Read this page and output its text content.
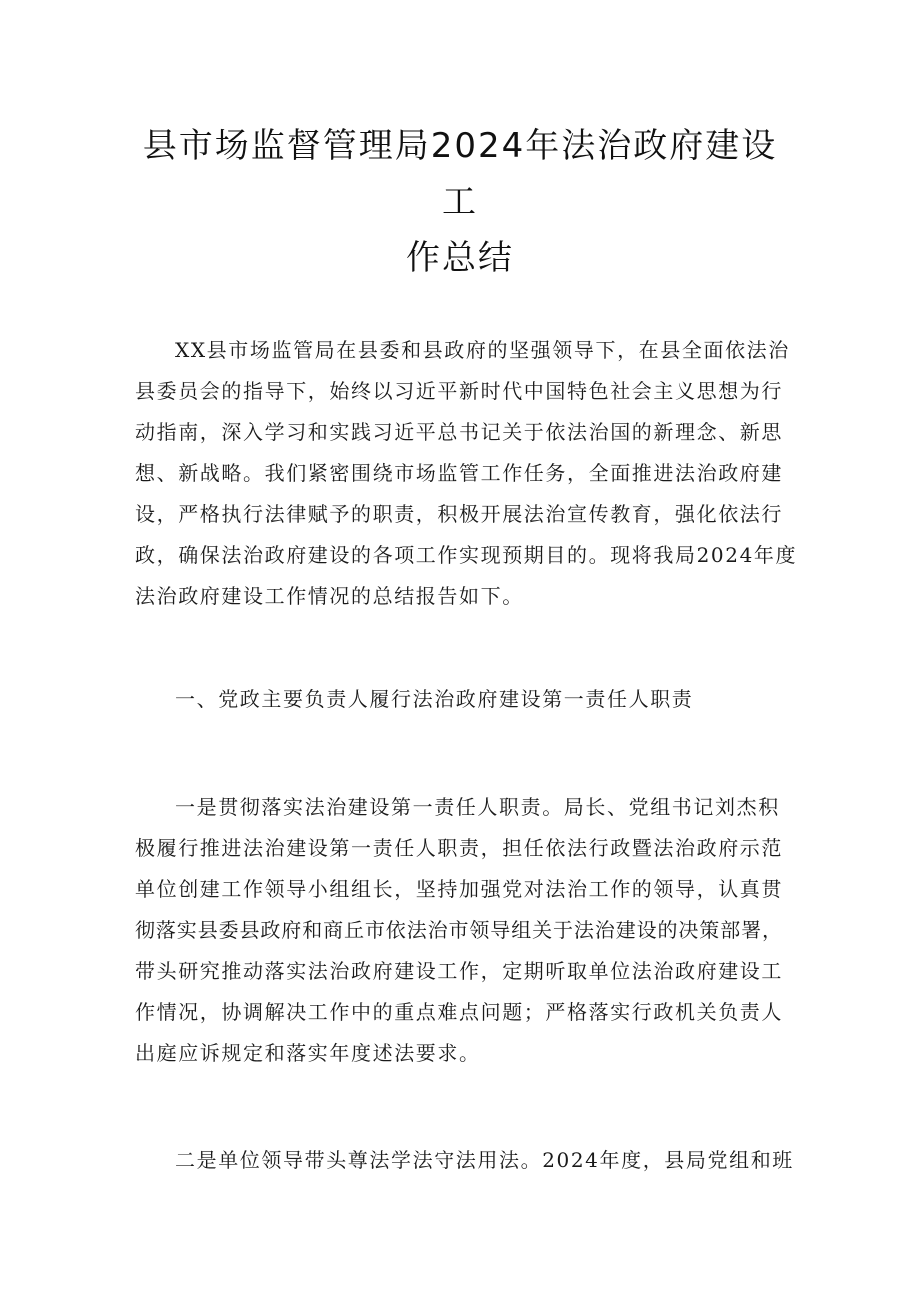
县市场监督管理局2024年法治政府建设工
作总结

XX县市场监管局在县委和县政府的坚强领导下，在县全面依法治
县委员会的指导下，始终以习近平新时代中国特色社会主义思想为行
动指南，深入学习和实践习近平总书记关于依法治国的新理念、新思
想、新战略。我们紧密围绕市场监管工作任务，全面推进法治政府建
设，严格执行法律赋予的职责，积极开展法治宣传教育，强化依法行
政，确保法治政府建设的各项工作实现预期目的。现将我局2024年度
法治政府建设工作情况的总结报告如下。

一、党政主要负责人履行法治政府建设第一责任人职责

一是贯彻落实法治建设第一责任人职责。局长、党组书记刘杰积
极履行推进法治建设第一责任人职责，担任依法行政暨法治政府示范
单位创建工作领导小组组长，坚持加强党对法治工作的领导，认真贯
彻落实县委县政府和商丘市依法治市领导组关于法治建设的决策部署，
带头研究推动落实法治政府建设工作，定期听取单位法治政府建设工
作情况，协调解决工作中的重点难点问题；严格落实行政机关负责人
出庭应诉规定和落实年度述法要求。

二是单位领导带头尊法学法守法用法。2024年度，县局党组和班
